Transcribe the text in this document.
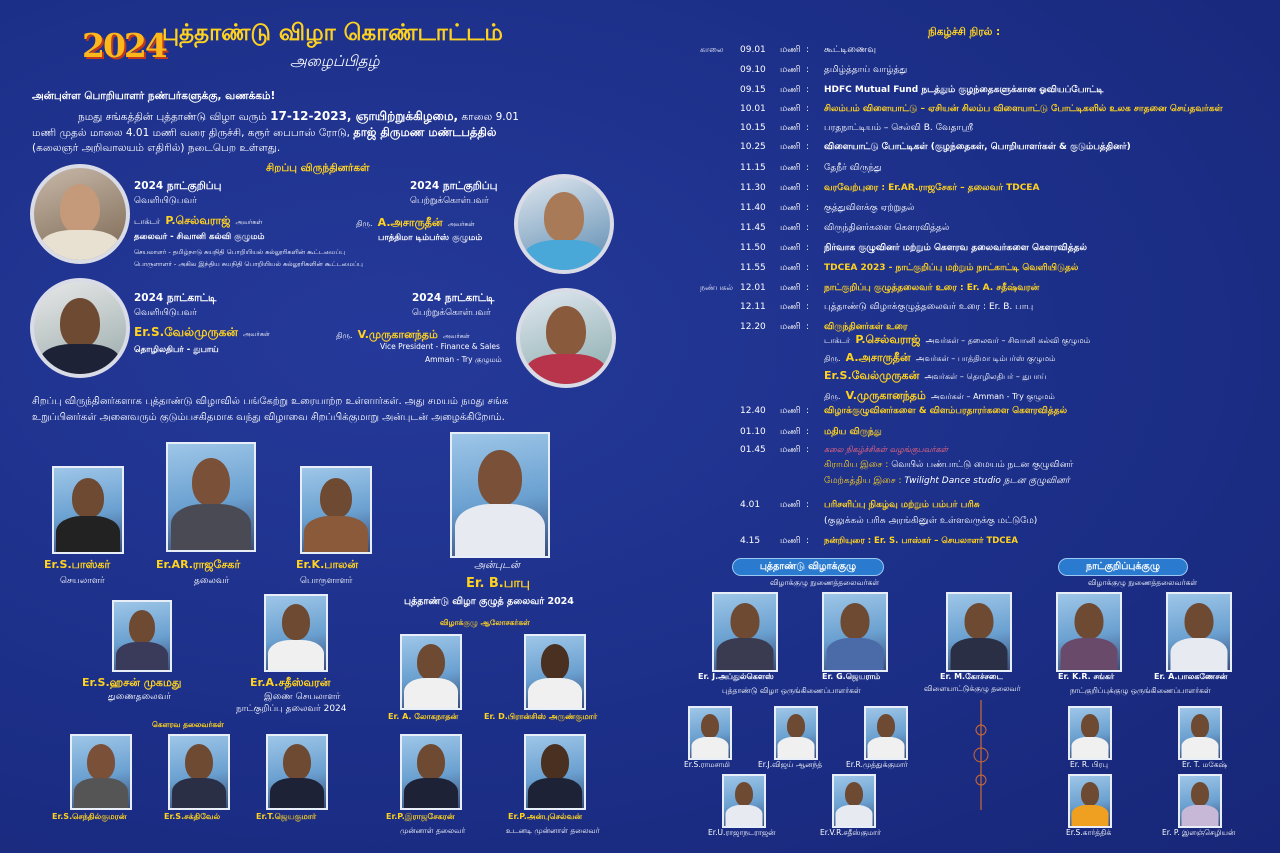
2024
புத்தாண்டு விழா கொண்டாட்டம்
அழைப்பிதழ்
அன்புள்ள பொறியாளர் நண்பர்களுக்கு, வணக்கம்!
நமது சங்கத்தின் புத்தாண்டு விழா வரும் 17-12-2023, ஞாயிற்றுக்கிழமை, காலை 9.01
மணி முதல் மாலை 4.01 மணி வரை திருச்சி, கரூர் பைபாஸ் ரோடு, தாஜ் திருமண மண்டபத்தில்
(கலைஞர் அறிவாலயம் எதிரில்) நடைபெற உள்ளது.
சிறப்பு விருந்தினர்கள்
2024 நாட்குறிப்பு
வெளியிடுபவர்
டாக்டர் P.செல்வராஜ் அவர்கள்
தலைவர் - சிவானி கல்வி குழுமம்
செயலாளர் - தமிழ்நாடு சுயநிதி பொறியியல் கல்லூரிகளின் கூட்டமைப்பு
பொருளாளர் - அகில இந்திய சுயநிதி பொறியியல் கல்லூரிகளின் கூட்டமைப்பு
2024 நாட்குறிப்பு
பெற்றுக்கொள்பவர்
திரு. A.அசாருதீன் அவர்கள்
பாத்திமா டிம்பர்ஸ் குழுமம்
2024 நாட்காட்டி
வெளியிடுபவர்
Er.S.வேல்முருகன் அவர்கள்
தொழிலதிபர் - துபாய்
2024 நாட்காட்டி
பெற்றுக்கொள்பவர்
திரு. V.முருகானந்தம் அவர்கள்
Vice President - Finance & Sales
Amman - Try குழுமம்
சிறப்பு விருந்தினர்களாக புத்தாண்டு விழாவில் பங்கேற்று உரையாற்ற உள்ளார்கள். அது சமயம் நமது சங்க
உறுப்பினர்கள் அனைவரும் குடும்பசகிதமாக வந்து விழாவை சிறப்பிக்குமாறு அன்புடன் அழைக்கிறோம்.
Er.S.பாஸ்கர்
செயலாளர்
Er.AR.ராஜசேகர்
தலைவர்
Er.K.பாலன்
பொருளாளர்
அன்புடன்
Er. B.பாபு
புத்தாண்டு விழா குழுத் தலைவர் 2024
Er.S.ஹசன் முகமது
துணைதலைவர்
Er.A.சதீஸ்வரன்
இணை செயலாளர்
நாட்குறிப்பு தலைவர் 2024
விழாக்குழு ஆலோசகர்கள்
Er. A. லோகநாதன்	Er. D.பிரான்சிஸ் அருண்குமார்
கௌரவ தலைவர்கள்
Er.S.செந்தில்குமரன்	Er.S.சக்திவேல்	Er.T.ஜெயகுமார்	Er.P.இராஜசேகரன்
முன்னாள் தலைவர்
Er.P.அன்புசெல்வன்
உடனடி முன்னாள் தலைவர்
நிகழ்ச்சி நிரல் :
காலை	09.01 மணி : கூட்டிணைவு
09.10 மணி : தமிழ்த்தாய் வாழ்த்து
09.15 மணி : HDFC Mutual Fund நடத்தும் குழந்தைகளுக்கான ஓவியப்போட்டி
10.01 மணி : சிலம்பம் விளையாட்டு – ஏசியன் சிலம்ப விளையாட்டு போட்டிகளில் உலக சாதனை செய்தவர்கள்
10.15 மணி : பரதநாட்டியம் – செல்வி B. வேதாஸ்ரீ
10.25 மணி : விளையாட்டு போட்டிகள் (குழந்தைகள், பொறியாளர்கள் & குடும்பத்தினர்)
11.15 மணி : தேநீர் விருந்து
11.30 மணி : வரவேற்புரை : Er.AR.ராஜசேகர் – தலைவர் TDCEA
11.40 மணி : குத்துவிளக்கு ஏற்றுதல்
11.45 மணி : விருந்தினர்களை கௌரவித்தல்
11.50 மணி : நிர்வாக குழுவினர் மற்றும் கௌரவ தலைவர்களை கௌரவித்தல்
11.55 மணி : TDCEA 2023 - நாட்குறிப்பு மற்றும் நாட்காட்டி வெளியிடுதல்
நண்பகல் 12.01 மணி : நாட்குறிப்பு குழுத்தலைவர் உரை : Er. A. சதீஷ்வரன்
12.11 மணி : புத்தாண்டு விழாக்குழுத்தலைவர் உரை : Er. B. பாபு
12.20 மணி : விருந்தினர்கள் உரை
டாக்டர் P.செல்வராஜ் அவர்கள் – தலைவர் – சிவானி கல்வி குழுமம்
திரு. A.அசாருதீன் அவர்கள் – பாத்திமா டிம்பர்ஸ் குழுமம்
Er.S.வேல்முருகன் அவர்கள் – தொழிலதிபர் – துபாய்
திரு. V.முருகானந்தம் அவர்கள் – Amman - Try குழுமம்
12.40 மணி : விழாக்குழுவினர்களை & விளம்பரதாரர்களை கௌரவித்தல்
01.10 மணி : மதிய விருந்து
01.45 மணி : கலை நிகழ்ச்சிகள் வழங்குபவர்கள்
கிராமிய இசை : வெயில் பண்பாட்டு மையம் நடன குழுவினர்
மேற்கத்திய இசை : Twilight Dance studio நடன குழுவினர்
4.01 மணி : பரிசளிப்பு நிகழ்வு மற்றும் பம்பர் பரிசு
(குலுக்கல் பரிசு அரங்கினுள் உள்ளவருக்கு மட்டுமே)
4.15 மணி : நன்றியுரை : Er. S. பாஸ்கர் – செயலாளர் TDCEA
புத்தாண்டு விழாக்குழு
விழாக்குழு நுணைத்தலைவர்கள்
நாட்குறிப்புக்குழு
விழாக்குழு நுணைத்தலைவர்கள்
Er. J.அப்துல்கௌஸ்	Er. G.ஜெயராம்	Er. M.கோச்சடை	Er. K.R. சங்கர்	Er. A.பாலகணேசன்
விளையாட்டுக்குழு தலைவர்
புத்தாண்டு விழா ஒருங்கிணைப்பாளர்கள்	நாட்குறிப்புக்குழு ஒருங்கிணைப்பாளர்கள்
Er.S.ராமசாமி	Er.J.விஜய் ஆனந்த்	Er.R.முத்துக்குமார்
Er.U.ராஜாநடராஜன்	Er.V.R.சதீஸ்குமார்
Er. R. பிரபு	Er. T. மகேஷ்
Er.S.கார்த்திக்	Er. P. இளஞ்செழியன்
